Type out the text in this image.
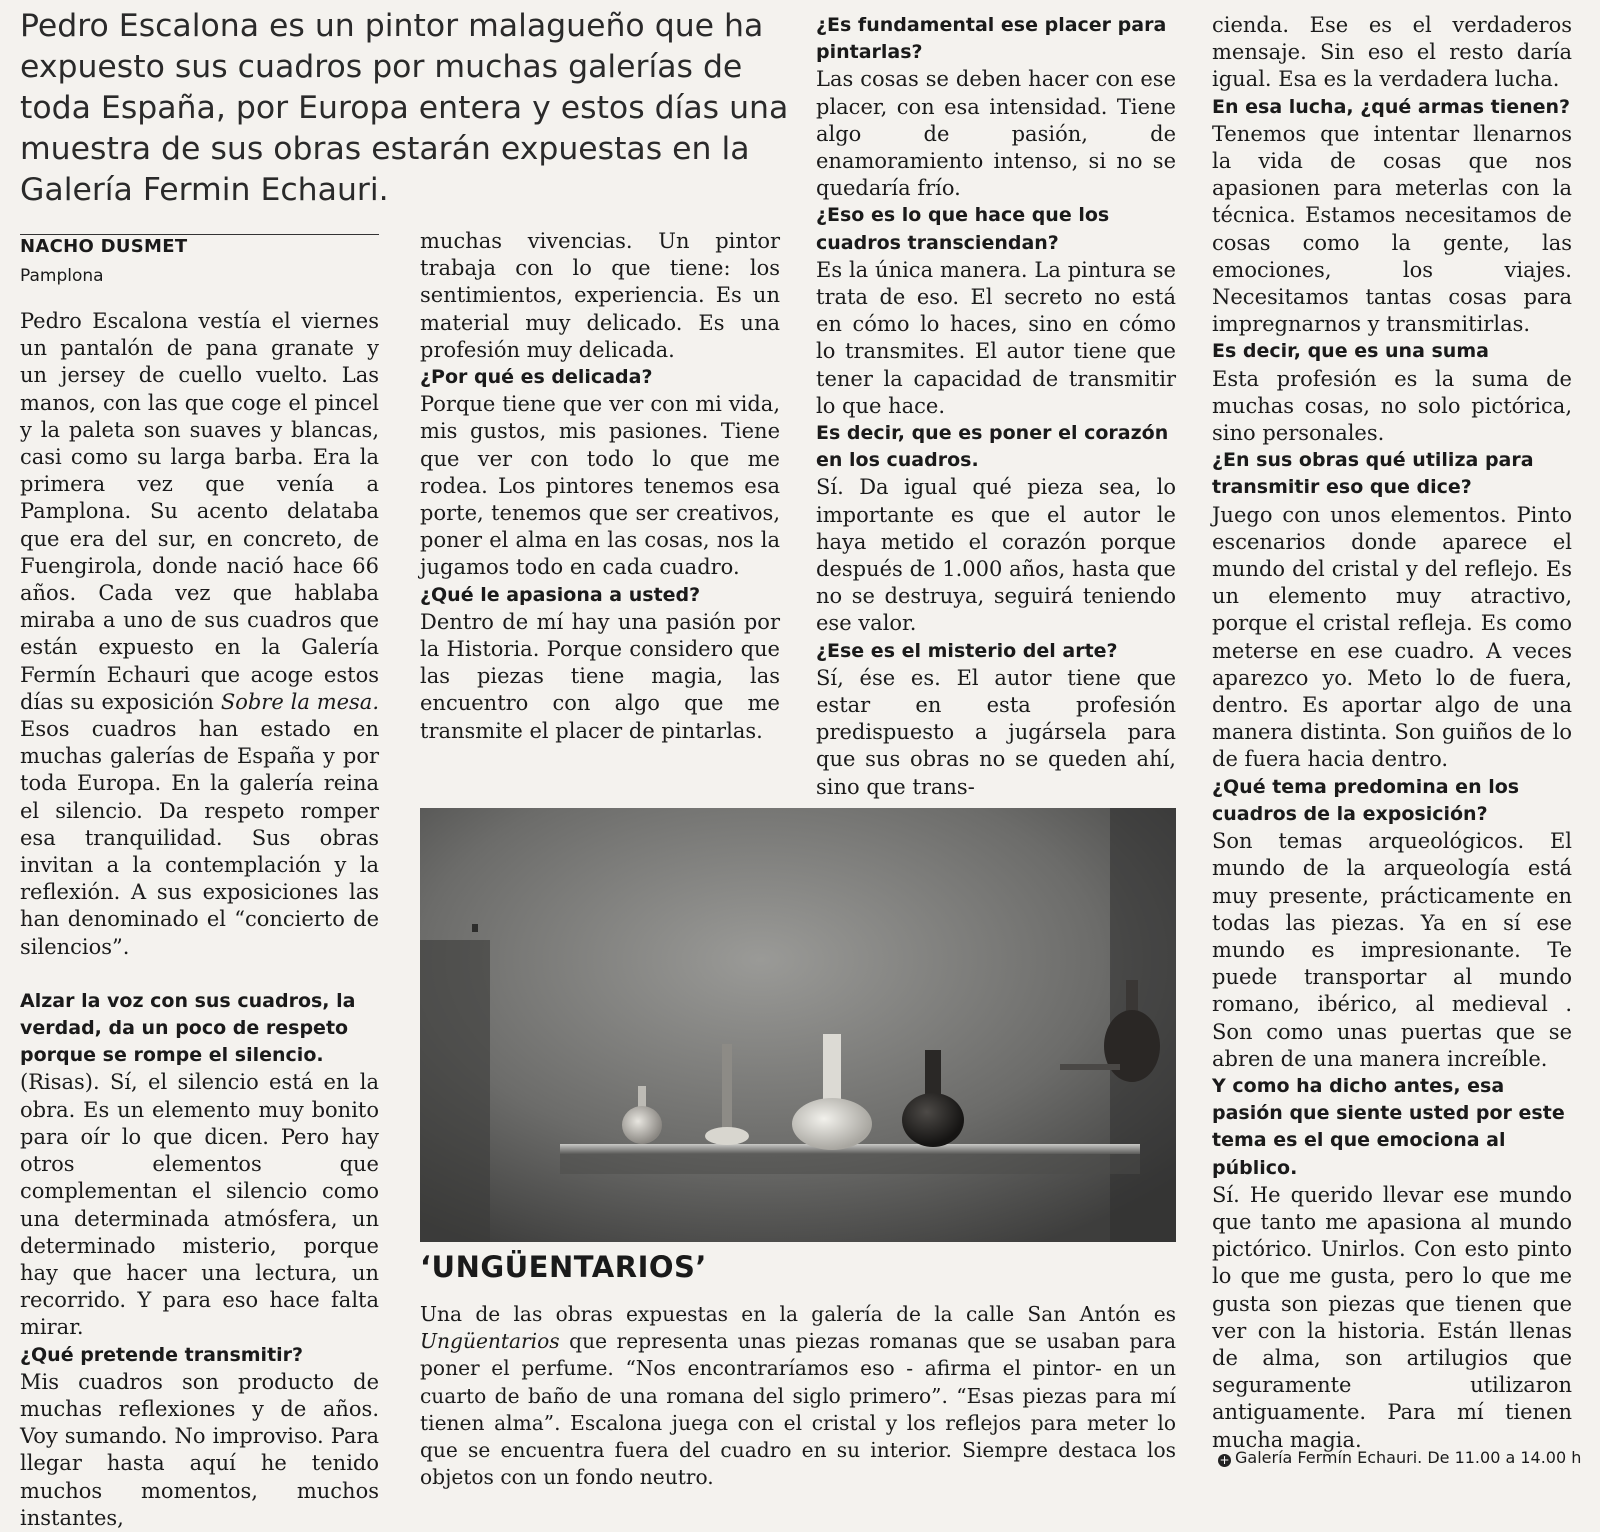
Pedro Escalona es un pintor malagueño que ha expuesto sus cuadros por muchas galerías de toda España, por Europa entera y estos días una muestra de sus obras estarán expuestas en la Galería Fermin Echauri.

NACHO DUSMET
Pamplona

Pedro Escalona vestía el viernes un pantalón de pana granate y un jersey de cuello vuelto. Las manos, con las que coge el pincel y la paleta son suaves y blancas, casi como su larga barba. Era la primera vez que venía a Pamplona. Su acento delataba que era del sur, en concreto, de Fuengirola, donde nació hace 66 años. Cada vez que hablaba miraba a uno de sus cuadros que están expuesto en la Galería Fermín Echauri que acoge estos días su exposición Sobre la mesa. Esos cuadros han estado en muchas galerías de España y por toda Europa. En la galería reina el silencio. Da respeto romper esa tranquilidad. Sus obras invitan a la contemplación y la reflexión. A sus exposiciones las han denominado el “concierto de silencios”.

Alzar la voz con sus cuadros, la verdad, da un poco de respeto porque se rompe el silencio.

(Risas). Sí, el silencio está en la obra. Es un elemento muy bonito para oír lo que dicen. Pero hay otros elementos que complementan el silencio como una determinada atmósfera, un determinado misterio, porque hay que hacer una lectura, un recorrido. Y para eso hace falta mirar.

¿Qué pretende transmitir?

Mis cuadros son producto de muchas reflexiones y de años. Voy sumando. No improviso. Para llegar hasta aquí he tenido muchos momentos, muchos instantes,

muchas vivencias. Un pintor trabaja con lo que tiene: los sentimientos, experiencia. Es un material muy delicado. Es una profesión muy delicada.

¿Por qué es delicada?

Porque tiene que ver con mi vida, mis gustos, mis pasiones. Tiene que ver con todo lo que me rodea. Los pintores tenemos esa porte, tenemos que ser creativos, poner el alma en las cosas, nos la jugamos todo en cada cuadro.

¿Qué le apasiona a usted?

Dentro de mí hay una pasión por la Historia. Porque considero que las piezas tiene magia, las encuentro con algo que me transmite el placer de pintarlas.

¿Es fundamental ese placer para pintarlas?

Las cosas se deben hacer con ese placer, con esa intensidad. Tiene algo de pasión, de enamoramiento intenso, si no se quedaría frío.

¿Eso es lo que hace que los cuadros transciendan?

Es la única manera. La pintura se trata de eso. El secreto no está en cómo lo haces, sino en cómo lo transmites. El autor tiene que tener la capacidad de transmitir lo que hace.

Es decir, que es poner el corazón en los cuadros.

Sí. Da igual qué pieza sea, lo importante es que el autor le haya metido el corazón porque después de 1.000 años, hasta que no se destruya, seguirá teniendo ese valor.

¿Ese es el misterio del arte?

Sí, ése es. El autor tiene que estar en esta profesión predispuesto a jugársela para que sus obras no se queden ahí, sino que trans-

cienda. Ese es el verdaderos mensaje. Sin eso el resto daría igual. Esa es la verdadera lucha.

En esa lucha, ¿qué armas tienen?

Tenemos que intentar llenarnos la vida de cosas que nos apasionen para meterlas con la técnica. Estamos necesitamos de cosas como la gente, las emociones, los viajes. Necesitamos tantas cosas para impregnarnos y transmitirlas.

Es decir, que es una suma

Esta profesión es la suma de muchas cosas, no solo pictórica, sino personales.

¿En sus obras qué utiliza para transmitir eso que dice?

Juego con unos elementos. Pinto escenarios donde aparece el mundo del cristal y del reflejo. Es un elemento muy atractivo, porque el cristal refleja. Es como meterse en ese cuadro. A veces aparezco yo. Meto lo de fuera, dentro. Es aportar algo de una manera distinta. Son guiños de lo de fuera hacia dentro.

¿Qué tema predomina en los cuadros de la exposición?

Son temas arqueológicos. El mundo de la arqueología está muy presente, prácticamente en todas las piezas. Ya en sí ese mundo es impresionante. Te puede transportar al mundo romano, ibérico, al medieval . Son como unas puertas que se abren de una manera increíble.

Y como ha dicho antes, esa pasión que siente usted por este tema es el que emociona al público.

Sí. He querido llevar ese mundo que tanto me apasiona al mundo pictórico. Unirlos. Con esto pinto lo que me gusta, pero lo que me gusta son piezas que tienen que ver con la historia. Están llenas de alma, son artilugios que seguramente utilizaron antiguamente. Para mí tienen mucha magia.

‘UNGÜENTARIOS’

Una de las obras expuestas en la galería de la calle San Antón es Ungüentarios que representa unas piezas romanas que se usaban para poner el perfume. “Nos encontraríamos eso - afirma el pintor- en un cuarto de baño de una romana del siglo primero”. “Esas piezas para mí tienen alma”. Escalona juega con el cristal y los reflejos para meter lo que se encuentra fuera del cuadro en su interior. Siempre destaca los objetos con un fondo neutro.

+ Galería Fermín Echauri. De 11.00 a 14.00 h
